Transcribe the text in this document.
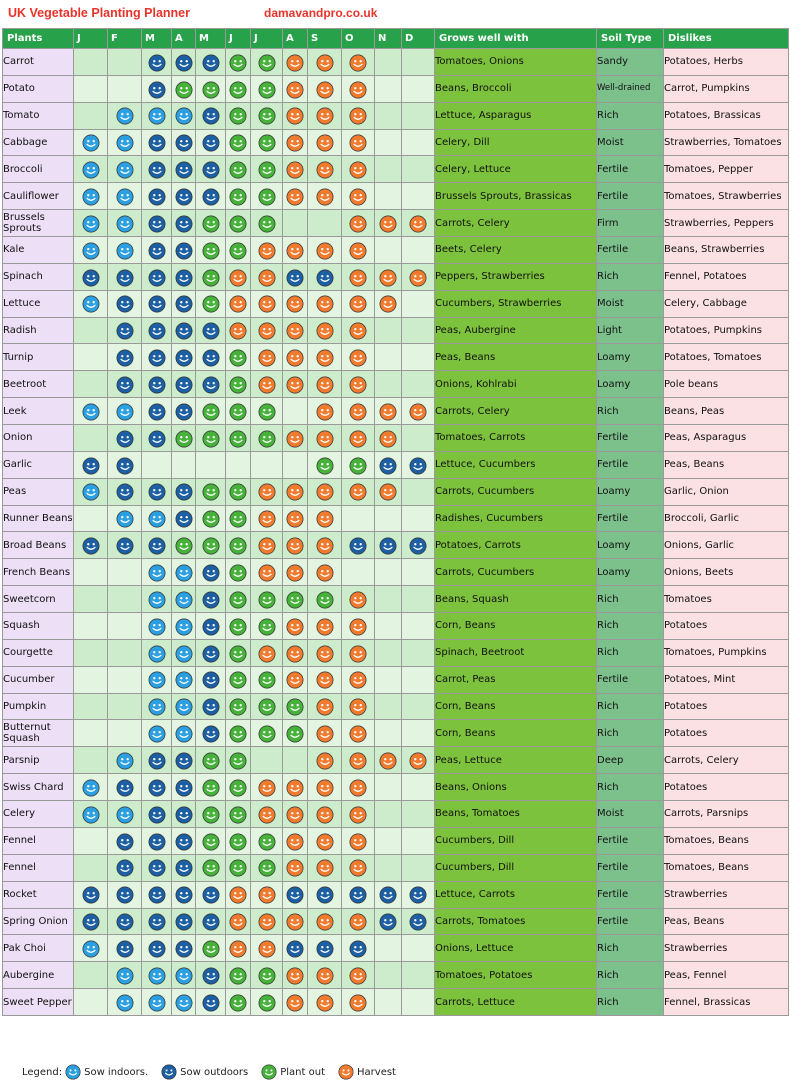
UK Vegetable Planting Planner	damavandpro.co.uk
Plants	J	F	M	A	M	J	J	A	S	O	N	D	Grows well with	Soil Type	Dislikes
Carrot													Tomatoes, Onions	Sandy	Potatoes, Herbs
Potato													Beans, Broccoli	Well-drained	Carrot, Pumpkins
Tomato													Lettuce, Asparagus	Rich	Potatoes, Brassicas
Cabbage													Celery, Dill	Moist	Strawberries, Tomatoes
Broccoli													Celery, Lettuce	Fertile	Tomatoes, Pepper
Cauliflower													Brussels Sprouts, Brassicas	Fertile	Tomatoes, Strawberries
Brussels Sprouts													Carrots, Celery	Firm	Strawberries, Peppers
Kale													Beets, Celery	Fertile	Beans, Strawberries
Spinach													Peppers, Strawberries	Rich	Fennel, Potatoes
Lettuce													Cucumbers, Strawberries	Moist	Celery, Cabbage
Radish													Peas, Aubergine	Light	Potatoes, Pumpkins
Turnip													Peas, Beans	Loamy	Potatoes, Tomatoes
Beetroot													Onions, Kohlrabi	Loamy	Pole beans
Leek													Carrots, Celery	Rich	Beans, Peas
Onion													Tomatoes, Carrots	Fertile	Peas, Asparagus
Garlic													Lettuce, Cucumbers	Fertile	Peas, Beans
Peas													Carrots, Cucumbers	Loamy	Garlic, Onion
Runner Beans													Radishes, Cucumbers	Fertile	Broccoli, Garlic
Broad Beans													Potatoes, Carrots	Loamy	Onions, Garlic
French Beans													Carrots, Cucumbers	Loamy	Onions, Beets
Sweetcorn													Beans, Squash	Rich	Tomatoes
Squash													Corn, Beans	Rich	Potatoes
Courgette													Spinach, Beetroot	Rich	Tomatoes, Pumpkins
Cucumber													Carrot, Peas	Fertile	Potatoes, Mint
Pumpkin													Corn, Beans	Rich	Potatoes
Butternut Squash													Corn, Beans	Rich	Potatoes
Parsnip													Peas, Lettuce	Deep	Carrots, Celery
Swiss Chard													Beans, Onions	Rich	Potatoes
Celery													Beans, Tomatoes	Moist	Carrots, Parsnips
Fennel													Cucumbers, Dill	Fertile	Tomatoes, Beans
Fennel													Cucumbers, Dill	Fertile	Tomatoes, Beans
Rocket													Lettuce, Carrots	Fertile	Strawberries
Spring Onion													Carrots, Tomatoes	Fertile	Peas, Beans
Pak Choi													Onions, Lettuce	Rich	Strawberries
Aubergine													Tomatoes, Potatoes	Rich	Peas, Fennel
Sweet Pepper													Carrots, Lettuce	Rich	Fennel, Brassicas
Legend: Sow indoors.	Sow outdoors	Plant out	Harvest
